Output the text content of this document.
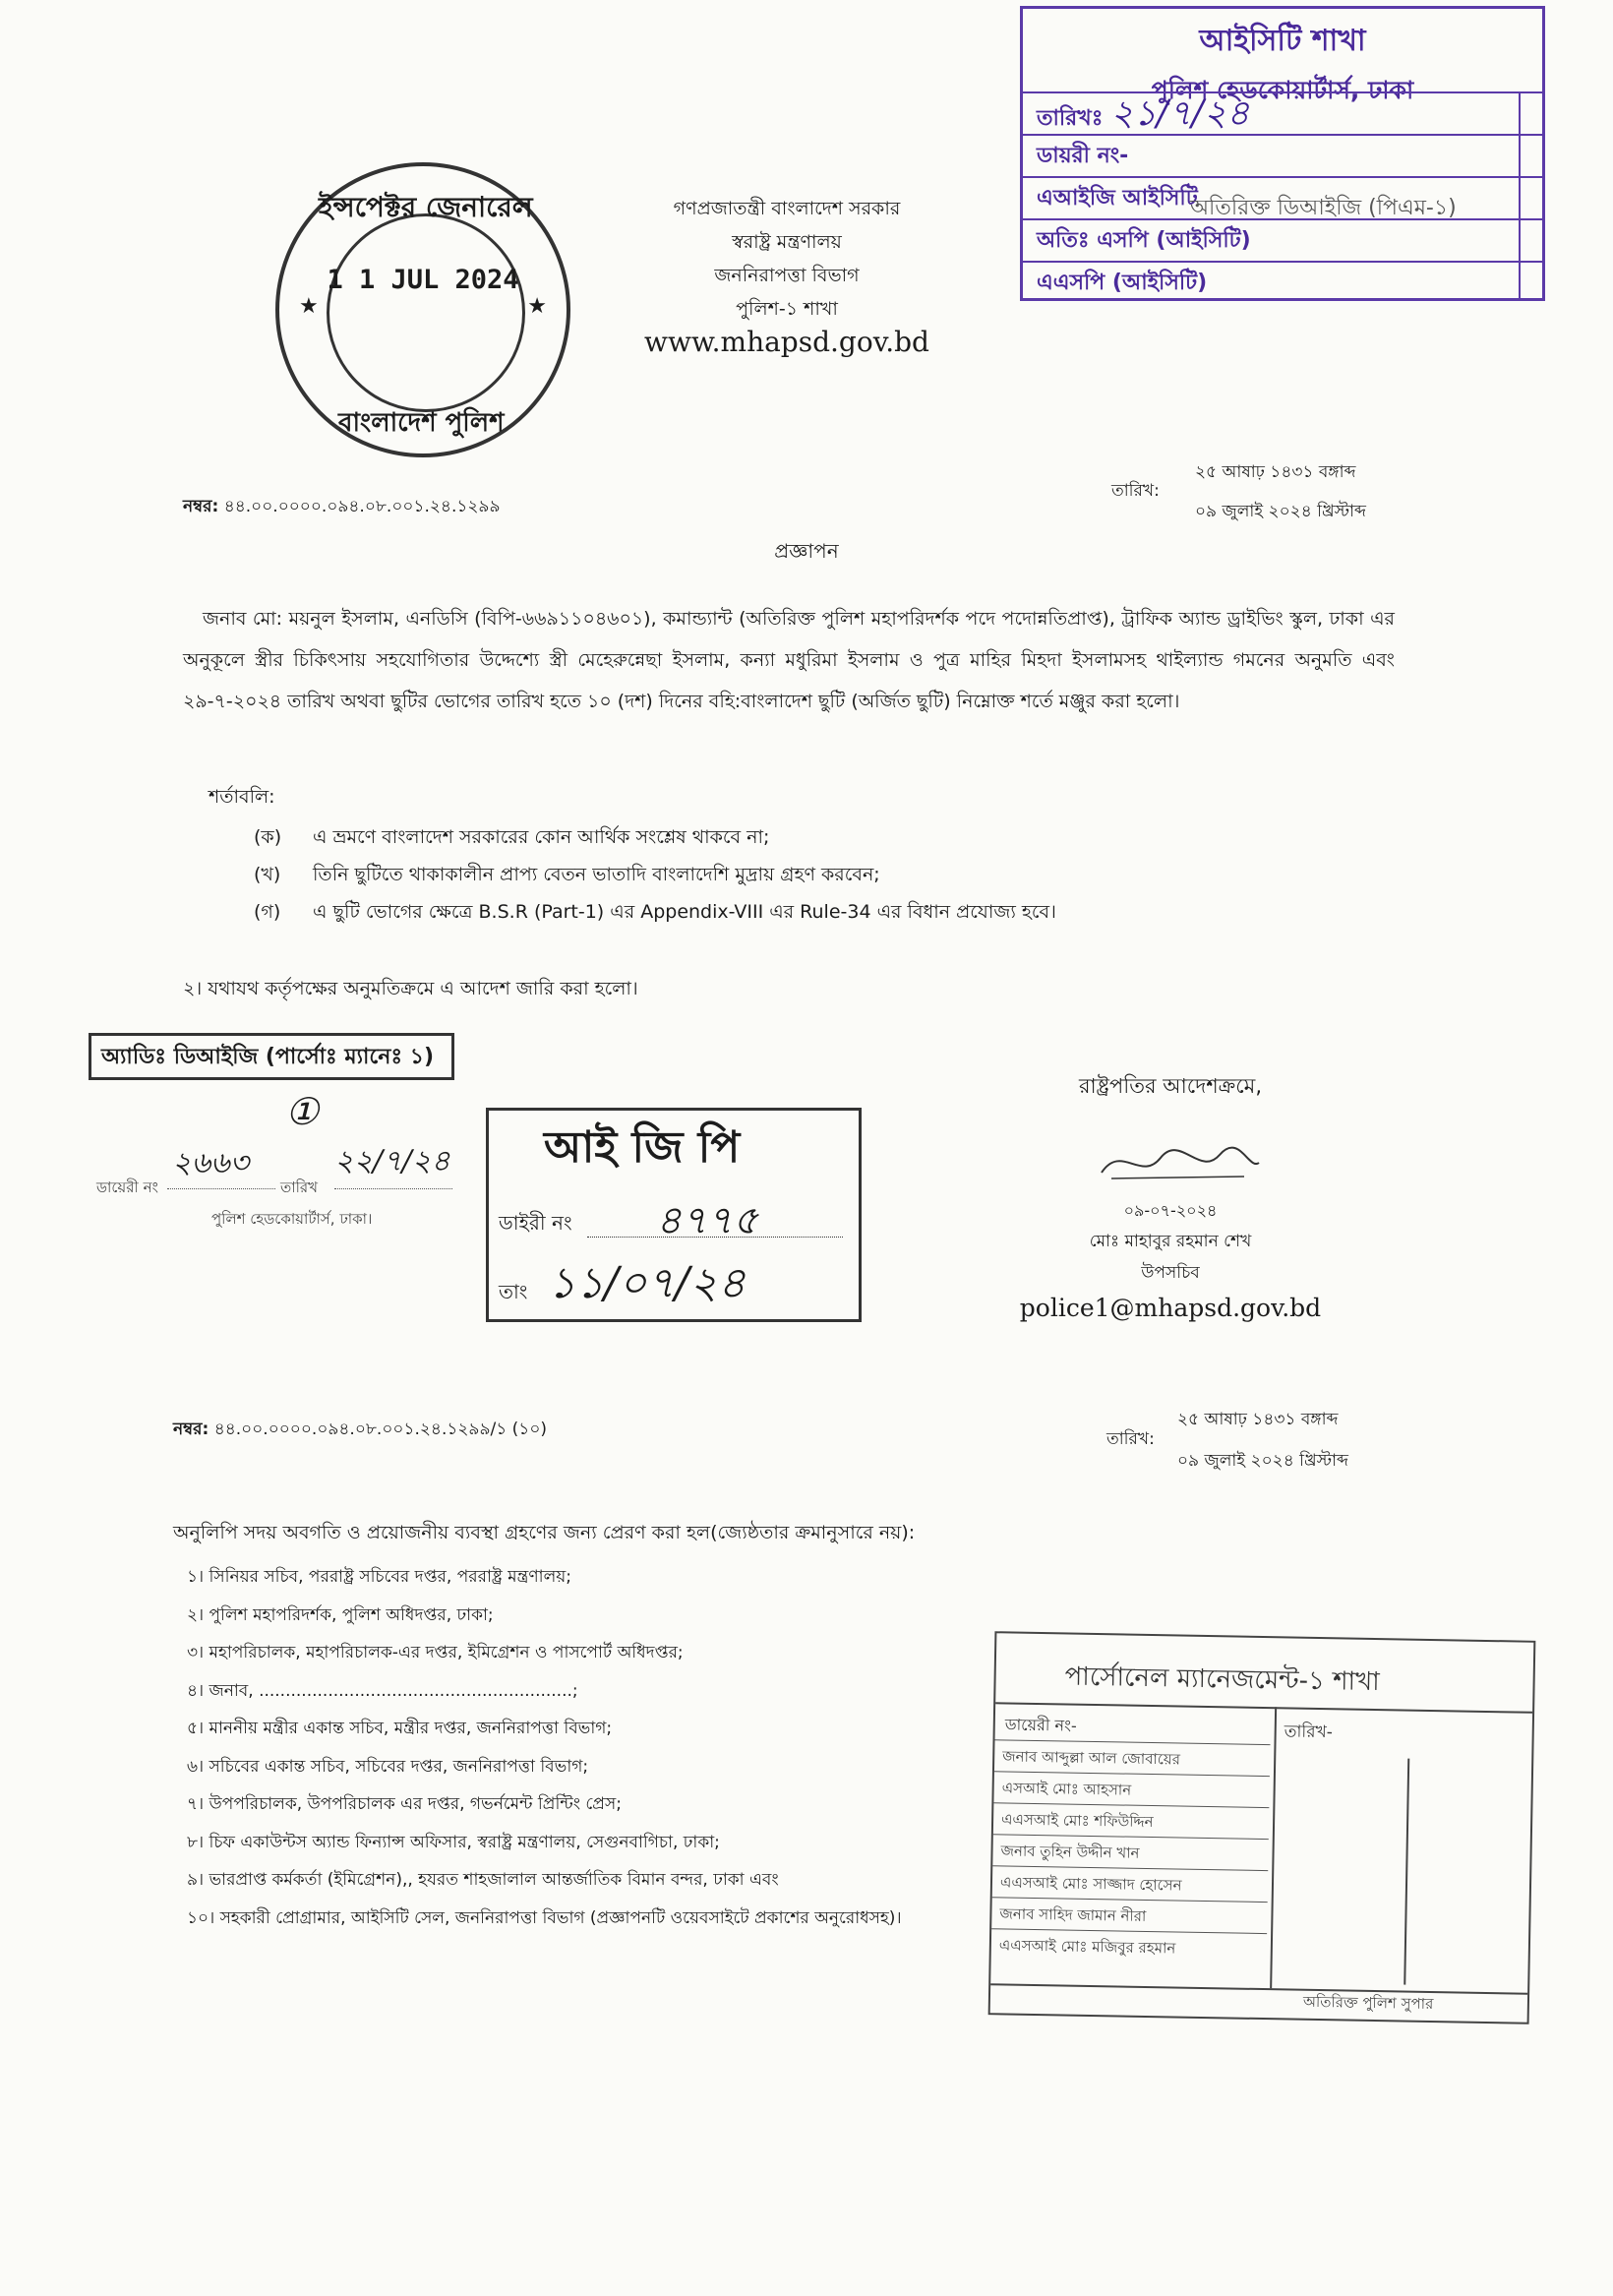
ইন্সপেক্টর জেনারেল
1 1 JUL 2024
বাংলাদেশ পুলিশ
★	★
গণপ্রজাতন্ত্রী বাংলাদেশ সরকার
স্বরাষ্ট্র মন্ত্রণালয়
জননিরাপত্তা বিভাগ
পুলিশ-১ শাখা
www.mhapsd.gov.bd
আইসিটি শাখা
পুলিশ হেডকোয়ার্টার্স, ঢাকা
তারিখঃ ২১/৭/২৪
ডায়রী নং-
এআইজি আইসিটি
অতিরিক্ত ডিআইজি (পিএম-১)
অতিঃ এসপি (আইসিটি)
এএসপি (আইসিটি)
নম্বর: ৪৪.০০.০০০০.০৯৪.০৮.০০১.২৪.১২৯৯
তারিখ:
২৫ আষাঢ় ১৪৩১ বঙ্গাব্দ
০৯ জুলাই ২০২৪ খ্রিস্টাব্দ
প্রজ্ঞাপন
জনাব মো: ময়নুল ইসলাম, এনডিসি (বিপি-৬৬৯১১০৪৬০১), কমান্ড্যান্ট (অতিরিক্ত পুলিশ মহাপরিদর্শক পদে পদোন্নতিপ্রাপ্ত), ট্রাফিক অ্যান্ড ড্রাইভিং স্কুল, ঢাকা এর অনুকূলে স্ত্রীর চিকিৎসায় সহযোগিতার উদ্দেশ্যে স্ত্রী মেহেরুন্নেছা ইসলাম, কন্যা মধুরিমা ইসলাম ও পুত্র মাহির মিহদা ইসলামসহ থাইল্যান্ড গমনের অনুমতি এবং ২৯-৭-২০২৪ তারিখ অথবা ছুটির ভোগের তারিখ হতে ১০ (দশ) দিনের বহি:বাংলাদেশ ছুটি (অর্জিত ছুটি) নিম্নোক্ত শর্তে মঞ্জুর করা হলো।
শর্তাবলি:
(ক) এ ভ্রমণে বাংলাদেশ সরকারের কোন আর্থিক সংশ্লেষ থাকবে না;
(খ) তিনি ছুটিতে থাকাকালীন প্রাপ্য বেতন ভাতাদি বাংলাদেশি মুদ্রায় গ্রহণ করবেন;
(গ) এ ছুটি ভোগের ক্ষেত্রে B.S.R (Part-1) এর Appendix-VIII এর Rule-34 এর বিধান প্রযোজ্য হবে।
২। যথাযথ কর্তৃপক্ষের অনুমতিক্রমে এ আদেশ জারি করা হলো।
অ্যাডিঃ ডিআইজি (পার্সোঃ ম্যানেঃ ১)
①
২৬৬৩	২২/৭/২৪
ডায়েরী নং	তারিখ
পুলিশ হেডকোয়ার্টার্স, ঢাকা।
আই জি পি
ডাইরী নং ৪৭৭৫
তাং ১১/০৭/২৪
রাষ্ট্রপতির আদেশক্রমে,
০৯-০৭-২০২৪
মোঃ মাহাবুর রহমান শেখ
উপসচিব
police1@mhapsd.gov.bd
নম্বর: ৪৪.০০.০০০০.০৯৪.০৮.০০১.২৪.১২৯৯/১ (১০)	তারিখ:
২৫ আষাঢ় ১৪৩১ বঙ্গাব্দ
০৯ জুলাই ২০২৪ খ্রিস্টাব্দ
অনুলিপি সদয় অবগতি ও প্রয়োজনীয় ব্যবস্থা গ্রহণের জন্য প্রেরণ করা হল(জ্যেষ্ঠতার ক্রমানুসারে নয়):
১। সিনিয়র সচিব, পররাষ্ট্র সচিবের দপ্তর, পররাষ্ট্র মন্ত্রণালয়;
২। পুলিশ মহাপরিদর্শক, পুলিশ অধিদপ্তর, ঢাকা;
৩। মহাপরিচালক, মহাপরিচালক-এর দপ্তর, ইমিগ্রেশন ও পাসপোর্ট অধিদপ্তর;
৪। জনাব, ...........................................................;
৫। মাননীয় মন্ত্রীর একান্ত সচিব, মন্ত্রীর দপ্তর, জননিরাপত্তা বিভাগ;
৬। সচিবের একান্ত সচিব, সচিবের দপ্তর, জননিরাপত্তা বিভাগ;
৭। উপপরিচালক, উপপরিচালক এর দপ্তর, গভর্নমেন্ট প্রিন্টিং প্রেস;
৮। চিফ একাউন্টস অ্যান্ড ফিন্যান্স অফিসার, স্বরাষ্ট্র মন্ত্রণালয়, সেগুনবাগিচা, ঢাকা;
৯। ভারপ্রাপ্ত কর্মকর্তা (ইমিগ্রেশন),, হযরত শাহজালাল আন্তর্জাতিক বিমান বন্দর, ঢাকা এবং
১০। সহকারী প্রোগ্রামার, আইসিটি সেল, জননিরাপত্তা বিভাগ (প্রজ্ঞাপনটি ওয়েবসাইটে প্রকাশের অনুরোধসহ)।
পার্সোনেল ম্যানেজমেন্ট-১ শাখা
তারিখ-
ডায়েরী নং-
জনাব আব্দুল্লা আল জোবায়ের
এসআই মোঃ আহসান
এএসআই মোঃ শফিউদ্দিন
জনাব তুহিন উদ্দীন খান
এএসআই মোঃ সাজ্জাদ হোসেন
জনাব সাহিদ জামান নীরা
এএসআই মোঃ মজিবুর রহমান
অতিরিক্ত পুলিশ সুপার
